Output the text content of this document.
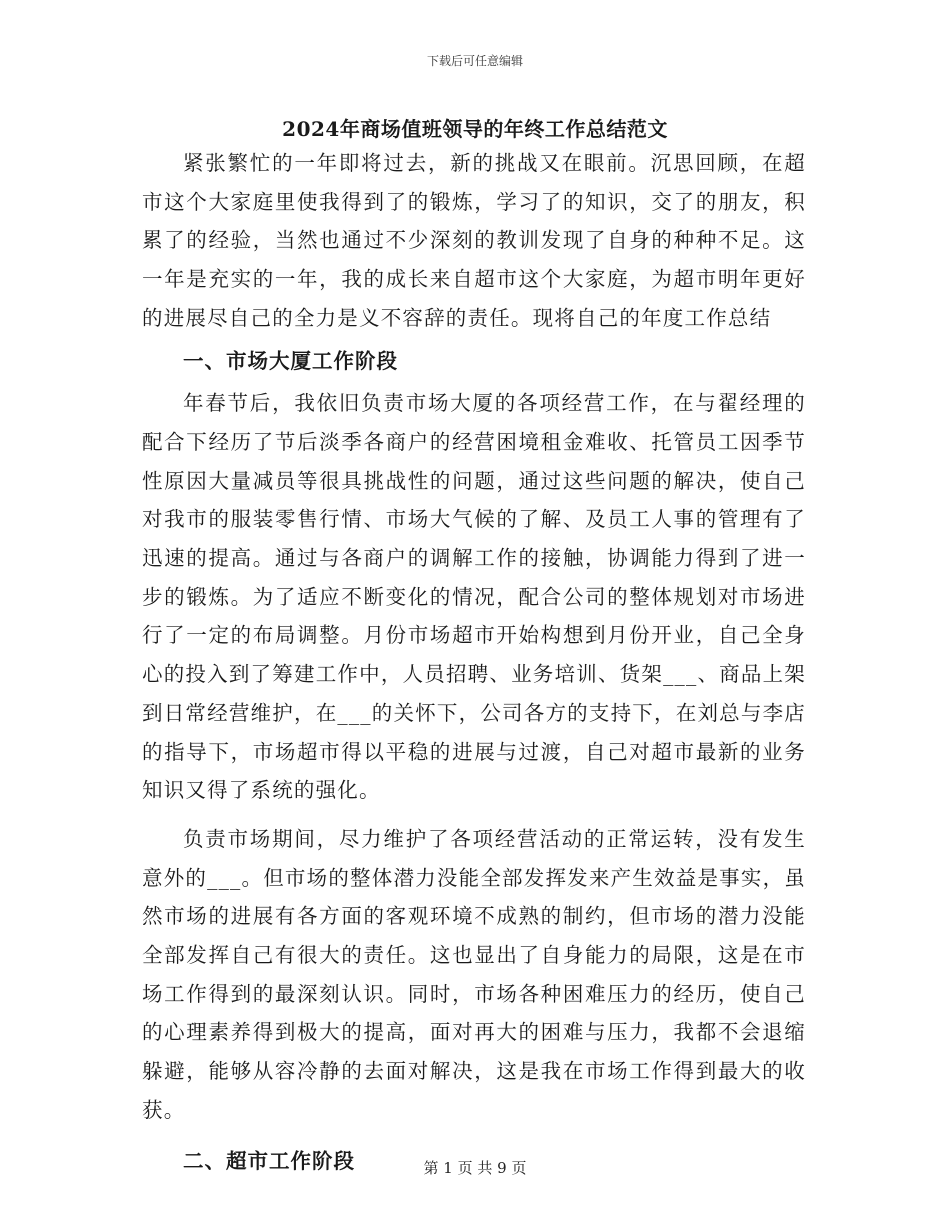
下载后可任意编辑
2024年商场值班领导的年终工作总结范文

紧张繁忙的一年即将过去，新的挑战又在眼前。沉思回顾，在超市这个大家庭里使我得到了的锻炼，学习了的知识，交了的朋友，积累了的经验，当然也通过不少深刻的教训发现了自身的种种不足。这一年是充实的一年，我的成长来自超市这个大家庭，为超市明年更好的进展尽自己的全力是义不容辞的责任。现将自己的年度工作总结

一、市场大厦工作阶段

年春节后，我依旧负责市场大厦的各项经营工作，在与翟经理的配合下经历了节后淡季各商户的经营困境租金难收、托管员工因季节性原因大量减员等很具挑战性的问题，通过这些问题的解决，使自己对我市的服装零售行情、市场大气候的了解、及员工人事的管理有了迅速的提高。通过与各商户的调解工作的接触，协调能力得到了进一步的锻炼。为了适应不断变化的情况，配合公司的整体规划对市场进行了一定的布局调整。月份市场超市开始构想到月份开业，自己全身心的投入到了筹建工作中，人员招聘、业务培训、货架___、商品上架到日常经营维护，在___的关怀下，公司各方的支持下，在刘总与李店的指导下，市场超市得以平稳的进展与过渡，自己对超市最新的业务知识又得了系统的强化。

负责市场期间，尽力维护了各项经营活动的正常运转，没有发生意外的___。但市场的整体潜力没能全部发挥发来产生效益是事实，虽然市场的进展有各方面的客观环境不成熟的制约，但市场的潜力没能全部发挥自己有很大的责任。这也显出了自身能力的局限，这是在市场工作得到的最深刻认识。同时，市场各种困难压力的经历，使自己的心理素养得到极大的提高，面对再大的困难与压力，我都不会退缩躲避，能够从容冷静的去面对解决，这是我在市场工作得到最大的收获。

二、超市工作阶段	第 1 页 共 9 页
